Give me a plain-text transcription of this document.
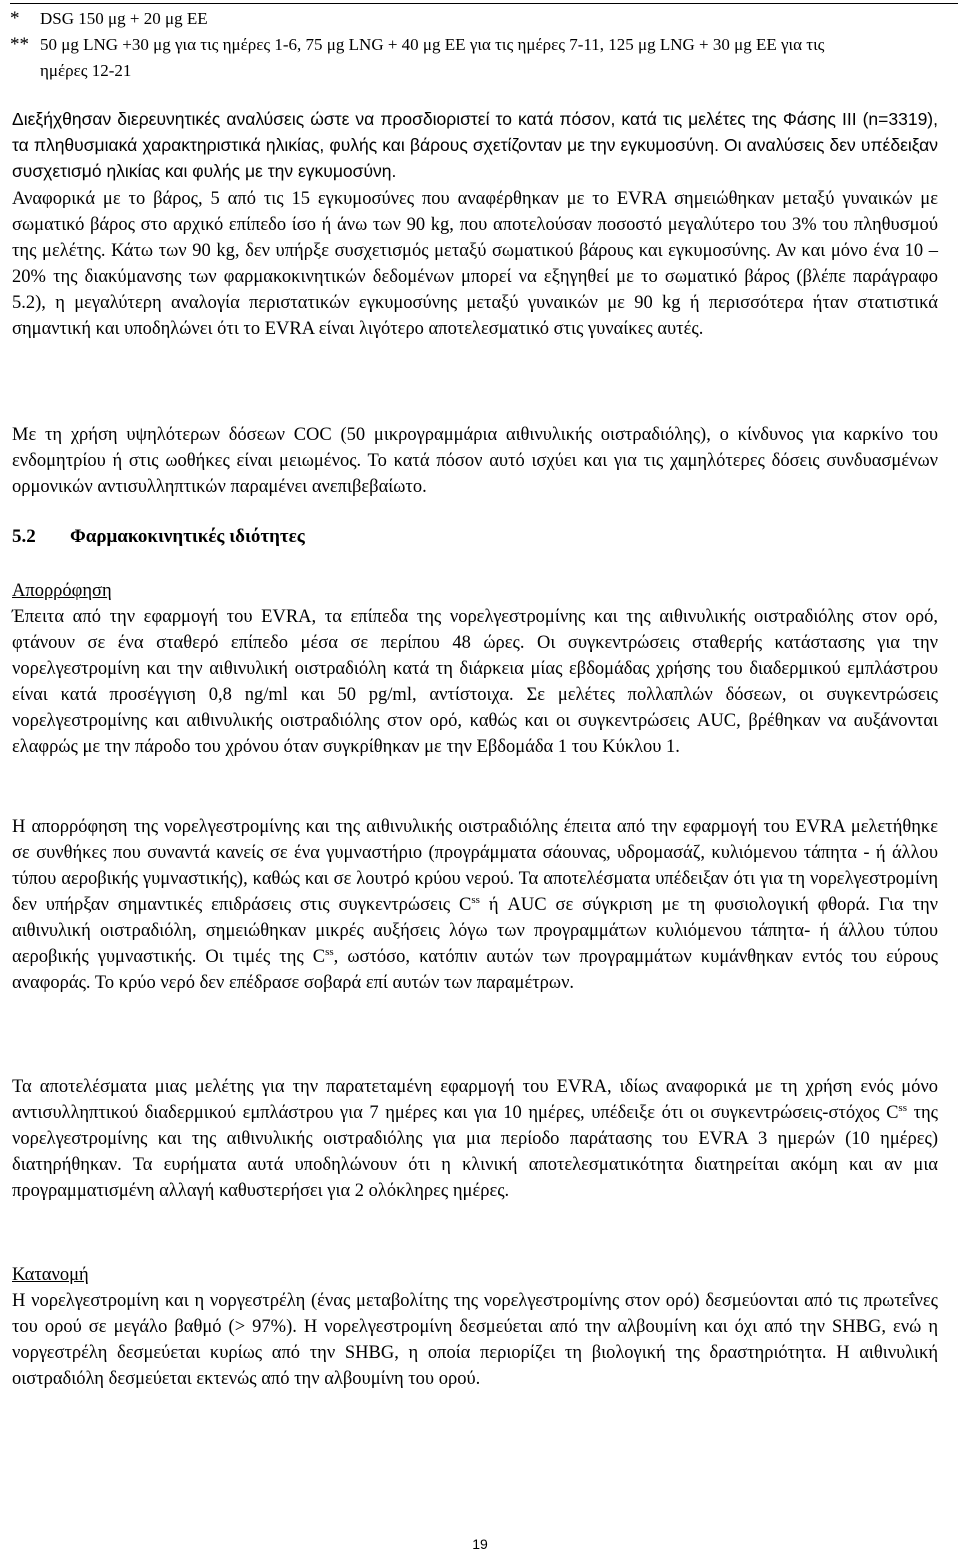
* DSG 150 μg + 20 μg EE
** 50 μg LNG +30 μg για τις ημέρες 1-6, 75 μg LNG + 40 μg EE για τις ημέρες 7-11, 125 μg LNG + 30 μg EE για τις
ημέρες 12-21
Διεξήχθησαν διερευνητικές αναλύσεις ώστε να προσδιοριστεί το κατά πόσον, κατά τις μελέτες της Φάσης ΙΙΙ (n=3319), τα πληθυσμιακά χαρακτηριστικά ηλικίας, φυλής και βάρους σχετίζονταν με την εγκυμοσύνη. Οι αναλύσεις δεν υπέδειξαν συσχετισμό ηλικίας και φυλής με την εγκυμοσύνη.
Αναφορικά με το βάρος, 5 από τις 15 εγκυμοσύνες που αναφέρθηκαν με το EVRA σημειώθηκαν μεταξύ γυναικών με σωματικό βάρος στο αρχικό επίπεδο ίσο ή άνω των 90 kg, που αποτελούσαν ποσοστό μεγαλύτερο του 3% του πληθυσμού της μελέτης. Κάτω των 90 kg, δεν υπήρξε συσχετισμός μεταξύ σωματικού βάρους και εγκυμοσύνης. Αν και μόνο ένα 10 – 20% της διακύμανσης των φαρμακοκινητικών δεδομένων μπορεί να εξηγηθεί με το σωματικό βάρος (βλέπε παράγραφο 5.2), η μεγαλύτερη αναλογία περιστατικών εγκυμοσύνης μεταξύ γυναικών με 90 kg ή περισσότερα ήταν στατιστικά σημαντική και υποδηλώνει ότι το EVRA είναι λιγότερο αποτελεσματικό στις γυναίκες αυτές.
Με τη χρήση υψηλότερων δόσεων COC (50 μικρογραμμάρια αιθινυλικής οιστραδιόλης), ο κίνδυνος για καρκίνο του ενδομητρίου ή στις ωοθήκες είναι μειωμένος. Το κατά πόσον αυτό ισχύει και για τις χαμηλότερες δόσεις συνδυασμένων ορμονικών αντισυλληπτικών παραμένει ανεπιβεβαίωτο.
5.2 Φαρμακοκινητικές ιδιότητες
Απορρόφηση
Έπειτα από την εφαρμογή του EVRA, τα επίπεδα της νορελγεστρομίνης και της αιθινυλικής οιστραδιόλης στον ορό, φτάνουν σε ένα σταθερό επίπεδο μέσα σε περίπου 48 ώρες. Οι συγκεντρώσεις σταθερής κατάστασης για την νορελγεστρομίνη και την αιθινυλική οιστραδιόλη κατά τη διάρκεια μίας εβδομάδας χρήσης του διαδερμικού εμπλάστρου είναι κατά προσέγγιση 0,8 ng/ml και 50 pg/ml, αντίστοιχα. Σε μελέτες πολλαπλών δόσεων, οι συγκεντρώσεις νορελγεστρομίνης και αιθινυλικής οιστραδιόλης στον ορό, καθώς και οι συγκεντρώσεις AUC, βρέθηκαν να αυξάνονται ελαφρώς με την πάροδο του χρόνου όταν συγκρίθηκαν με την Εβδομάδα 1 του Κύκλου 1.
Η απορρόφηση της νορελγεστρομίνης και της αιθινυλικής οιστραδιόλης έπειτα από την εφαρμογή του EVRA μελετήθηκε σε συνθήκες που συναντά κανείς σε ένα γυμναστήριο (προγράμματα σάουνας, υδρομασάζ, κυλιόμενου τάπητα - ή άλλου τύπου αεροβικής γυμναστικής), καθώς και σε λουτρό κρύου νερού. Τα αποτελέσματα υπέδειξαν ότι για τη νορελγεστρομίνη δεν υπήρξαν σημαντικές επιδράσεις στις συγκεντρώσεις $C^{ss}$ ή AUC σε σύγκριση με τη φυσιολογική φθορά. Για την αιθινυλική οιστραδιόλη, σημειώθηκαν μικρές αυξήσεις λόγω των προγραμμάτων κυλιόμενου τάπητα- ή άλλου τύπου αεροβικής γυμναστικής. Οι τιμές της $C^{ss}$, ωστόσο, κατόπιν αυτών των προγραμμάτων κυμάνθηκαν εντός του εύρους αναφοράς. Το κρύο νερό δεν επέδρασε σοβαρά επί αυτών των παραμέτρων.
Τα αποτελέσματα μιας μελέτης για την παρατεταμένη εφαρμογή του EVRA, ιδίως αναφορικά με τη χρήση ενός μόνο αντισυλληπτικού διαδερμικού εμπλάστρου για 7 ημέρες και για 10 ημέρες, υπέδειξε ότι οι συγκεντρώσεις-στόχος $C^{ss}$ της νορελγεστρομίνης και της αιθινυλικής οιστραδιόλης για μια περίοδο παράτασης του EVRA 3 ημερών (10 ημέρες) διατηρήθηκαν. Τα ευρήματα αυτά υποδηλώνουν ότι η κλινική αποτελεσματικότητα διατηρείται ακόμη και αν μια προγραμματισμένη αλλαγή καθυστερήσει για 2 ολόκληρες ημέρες.
Κατανομή
Η νορελγεστρομίνη και η νοργεστρέλη (ένας μεταβολίτης της νορελγεστρομίνης στον ορό) δεσμεύονται από τις πρωτεΐνες του ορού σε μεγάλο βαθμό (> 97%). Η νορελγεστρομίνη δεσμεύεται από την αλβουμίνη και όχι από την SHBG, ενώ η νοργεστρέλη δεσμεύεται κυρίως από την SHBG, η οποία περιορίζει τη βιολογική της δραστηριότητα. Η αιθινυλική οιστραδιόλη δεσμεύεται εκτενώς από την αλβουμίνη του ορού.
19
